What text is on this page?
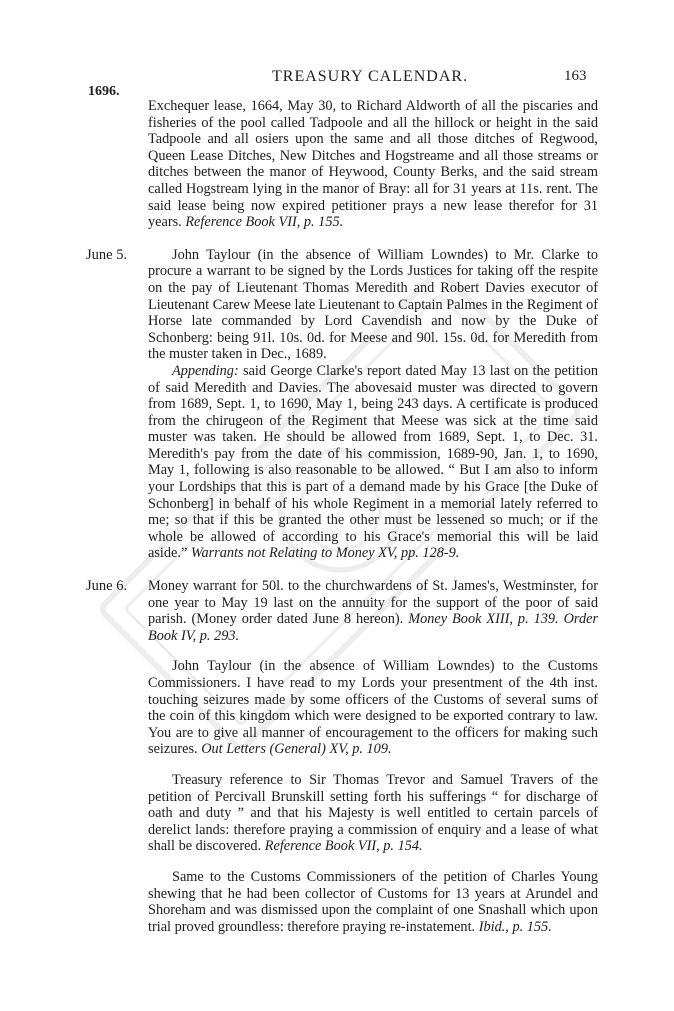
1696.
TREASURY CALENDAR.	163

Exchequer lease, 1664, May 30, to Richard Aldworth of all the piscaries and fisheries of the pool called Tadpoole and all the hillock or height in the said Tadpoole and all osiers upon the same and all those ditches of Regwood, Queen Lease Ditches, New Ditches and Hogstreame and all those streams or ditches between the manor of Heywood, County Berks, and the said stream called Hogstream lying in the manor of Bray: all for 31 years at 11s. rent. The said lease being now expired petitioner prays a new lease therefor for 31 years. Reference Book VII, p. 155.

June 5.	John Taylour (in the absence of William Lowndes) to Mr. Clarke to procure a warrant to be signed by the Lords Justices for taking off the respite on the pay of Lieutenant Thomas Meredith and Robert Davies executor of Lieutenant Carew Meese late Lieutenant to Captain Palmes in the Regiment of Horse late commanded by Lord Cavendish and now by the Duke of Schonberg: being 91l. 10s. 0d. for Meese and 90l. 15s. 0d. for Meredith from the muster taken in Dec., 1689.

Appending: said George Clarke's report dated May 13 last on the petition of said Meredith and Davies. The abovesaid muster was directed to govern from 1689, Sept. 1, to 1690, May 1, being 243 days. A certificate is produced from the chirugeon of the Regiment that Meese was sick at the time said muster was taken. He should be allowed from 1689, Sept. 1, to Dec. 31. Meredith's pay from the date of his commission, 1689-90, Jan. 1, to 1690, May 1, following is also reasonable to be allowed. “ But I am also to inform your Lordships that this is part of a demand made by his Grace [the Duke of Schonberg] in behalf of his whole Regiment in a memorial lately referred to me; so that if this be granted the other must be lessened so much; or if the whole be allowed of according to his Grace's memorial this will be laid aside.” Warrants not Relating to Money XV, pp. 128-9.

June 6.	Money warrant for 50l. to the churchwardens of St. James's, Westminster, for one year to May 19 last on the annuity for the support of the poor of said parish. (Money order dated June 8 hereon). Money Book XIII, p. 139. Order Book IV, p. 293.

John Taylour (in the absence of William Lowndes) to the Customs Commissioners. I have read to my Lords your presentment of the 4th inst. touching seizures made by some officers of the Customs of several sums of the coin of this kingdom which were designed to be exported contrary to law. You are to give all manner of encouragement to the officers for making such seizures. Out Letters (General) XV, p. 109.

Treasury reference to Sir Thomas Trevor and Samuel Travers of the petition of Percivall Brunskill setting forth his sufferings “ for discharge of oath and duty ” and that his Majesty is well entitled to certain parcels of derelict lands: therefore praying a commission of enquiry and a lease of what shall be discovered. Reference Book VII, p. 154.

Same to the Customs Commissioners of the petition of Charles Young shewing that he had been collector of Customs for 13 years at Arundel and Shoreham and was dismissed upon the complaint of one Snashall which upon trial proved groundless: therefore praying re-instatement. Ibid., p. 155.
